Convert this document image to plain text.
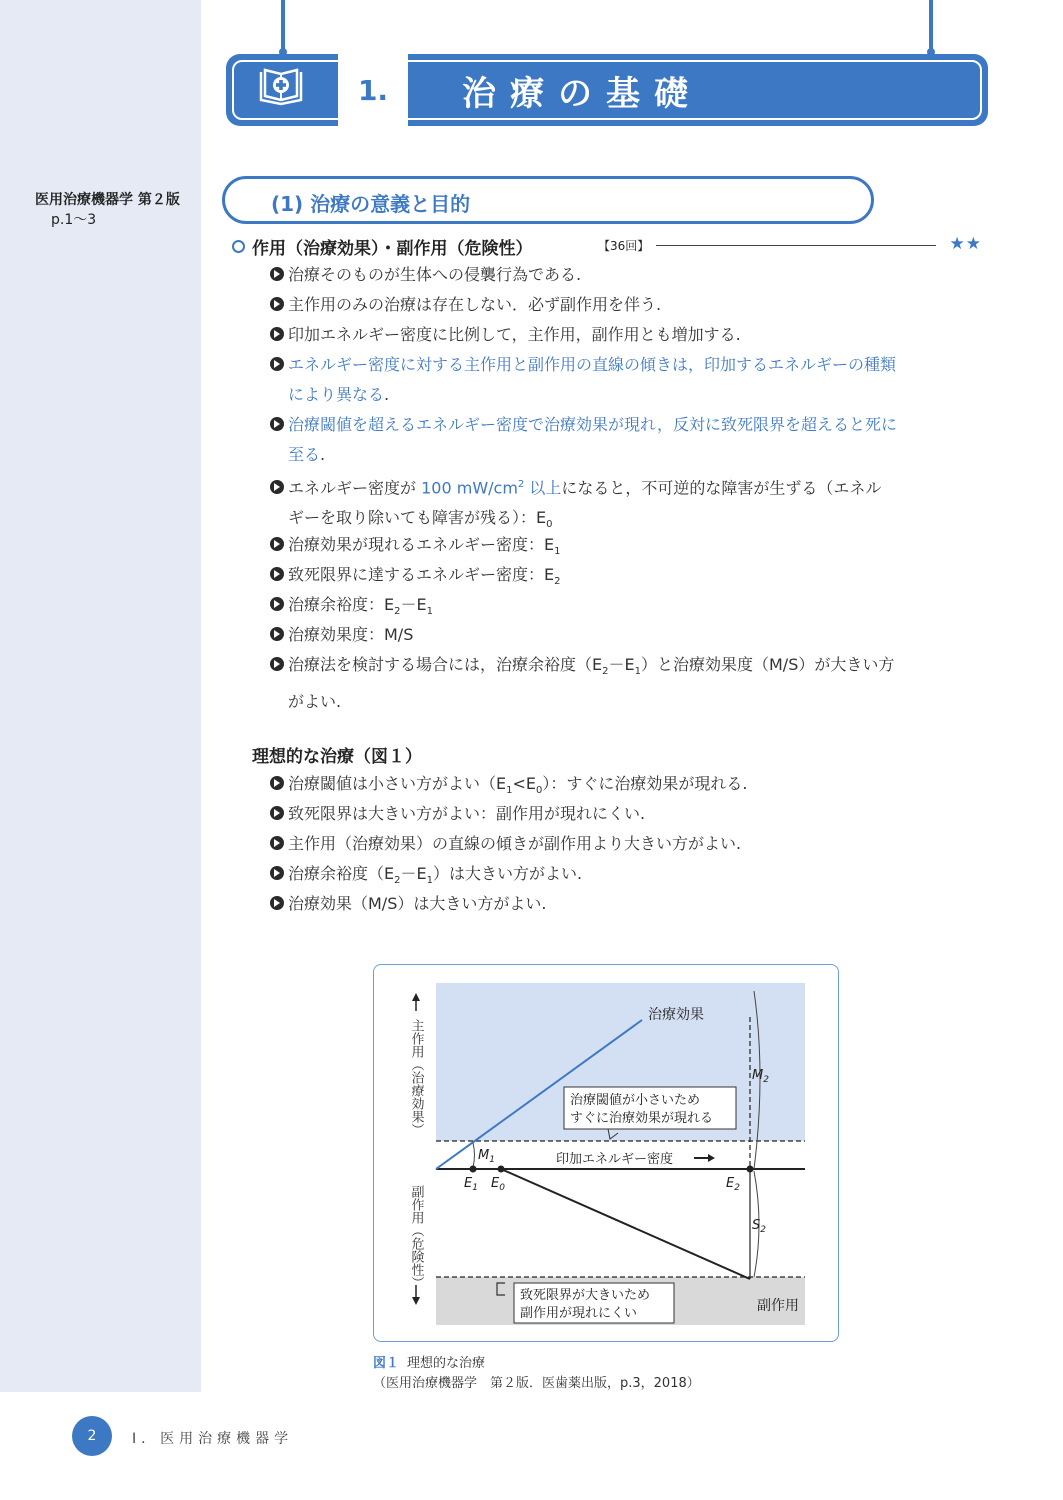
医用治療機器学 第２版
p.1～3
1.	治療の基礎
(1) 治療の意義と目的
作用（治療効果）・副作用（危険性）	【36回】	★★
治療そのものが生体への侵襲行為である.
主作用のみの治療は存在しない．必ず副作用を伴う.
印加エネルギー密度に比例して，主作用，副作用とも増加する.
エネルギー密度に対する主作用と副作用の直線の傾きは，印加するエネルギーの種類
により異なる.
治療閾値を超えるエネルギー密度で治療効果が現れ，反対に致死限界を超えると死に
至る.
エネルギー密度が 100 $mW/cm^2$ 以上になると，不可逆的な障害が生ずる（エネル
ギーを取り除いても障害が残る）：$E_0$
治療効果が現れるエネルギー密度：$E_1$
致死限界に達するエネルギー密度：$E_2$
治療余裕度：$E_2-E_1$
治療効果度：M/S
治療法を検討する場合には，治療余裕度$(E_2-E_1)$と治療効果度（M/S）が大きい方
がよい.
理想的な治療（図１）
治療閾値は小さい方がよい$(E_1<E_0)$：すぐに治療効果が現れる.
致死限界は大きい方がよい：副作用が現れにくい.
主作用（治療効果）の直線の傾きが副作用より大きい方がよい.
治療余裕度$(E_2-E_1)$は大きい方がよい.
治療効果（M/S）は大きい方がよい.
主作用（治療効果）
副作用（危険性）
治療効果
副作用
印加エネルギー密度
治療閾値が小さいため
すぐに治療効果が現れる
致死限界が大きいため
副作用が現れにくい
$E_1$ $E_0$	$E_2$
$M_1$
$M_2$
$S_2$
図１ 理想的な治療
（医用治療機器学　第２版．医歯薬出版，p.3，2018）
2	Ⅰ．医用治療機器学
